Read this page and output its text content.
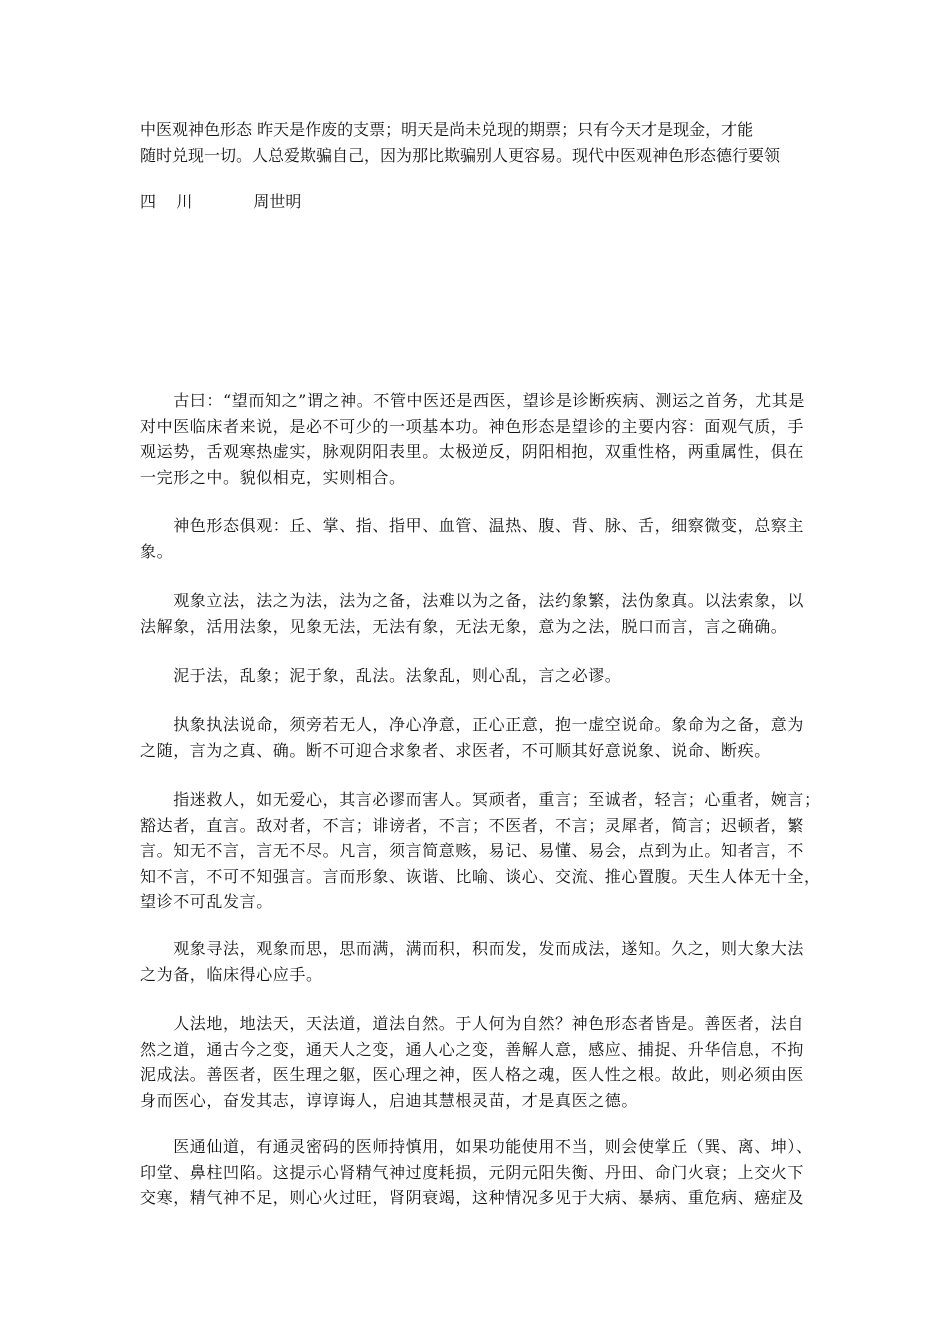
中医观神色形态 昨天是作废的支票；明天是尚未兑现的期票；只有今天才是现金，才能
随时兑现一切。人总爱欺骗自己，因为那比欺骗别人更容易。现代中医观神色形态德行要领
四    川            周世明
　　古曰：“望而知之”谓之神。不管中医还是西医，望诊是诊断疾病、测运之首务，尤其是
对中医临床者来说，是必不可少的一项基本功。神色形态是望诊的主要内容：面观气质，手
观运势，舌观寒热虚实，脉观阴阳表里。太极逆反，阴阳相抱，双重性格，两重属性，俱在
一完形之中。貌似相克，实则相合。
　　神色形态俱观：丘、掌、指、指甲、血管、温热、腹、背、脉、舌，细察微变，总察主
象。
　　观象立法，法之为法，法为之备，法难以为之备，法约象繁，法伪象真。以法索象，以
法解象，活用法象，见象无法，无法有象，无法无象，意为之法，脱口而言，言之确确。
　　泥于法，乱象；泥于象，乱法。法象乱，则心乱，言之必谬。
　　执象执法说命，须旁若无人，净心净意，正心正意，抱一虚空说命。象命为之备，意为
之随，言为之真、确。断不可迎合求象者、求医者，不可顺其好意说象、说命、断疾。
　　指迷救人，如无爱心，其言必谬而害人。冥顽者，重言；至诚者，轻言；心重者，婉言；
豁达者，直言。敌对者，不言；诽谤者，不言；不医者，不言；灵犀者，简言；迟顿者，繁
言。知无不言，言无不尽。凡言，须言简意赅，易记、易懂、易会，点到为止。知者言，不
知不言，不可不知强言。言而形象、诙谐、比喻、谈心、交流、推心置腹。天生人体无十全，
望诊不可乱发言。
　　观象寻法，观象而思，思而满，满而积，积而发，发而成法，遂知。久之，则大象大法
之为备，临床得心应手。
　　人法地，地法天，天法道，道法自然。于人何为自然？神色形态者皆是。善医者，法自
然之道，通古今之变，通天人之变，通人心之变，善解人意，感应、捕捉、升华信息，不拘
泥成法。善医者，医生理之躯，医心理之神，医人格之魂，医人性之根。故此，则必须由医
身而医心，奋发其志，谆谆诲人，启迪其慧根灵苗，才是真医之德。
　　医通仙道，有通灵密码的医师持慎用，如果功能使用不当，则会使掌丘（巽、离、坤）、
印堂、鼻柱凹陷。这提示心肾精气神过度耗损，元阴元阳失衡、丹田、命门火衰；上交火下
交寒，精气神不足，则心火过旺，肾阴衰竭，这种情况多见于大病、暴病、重危病、癌症及
